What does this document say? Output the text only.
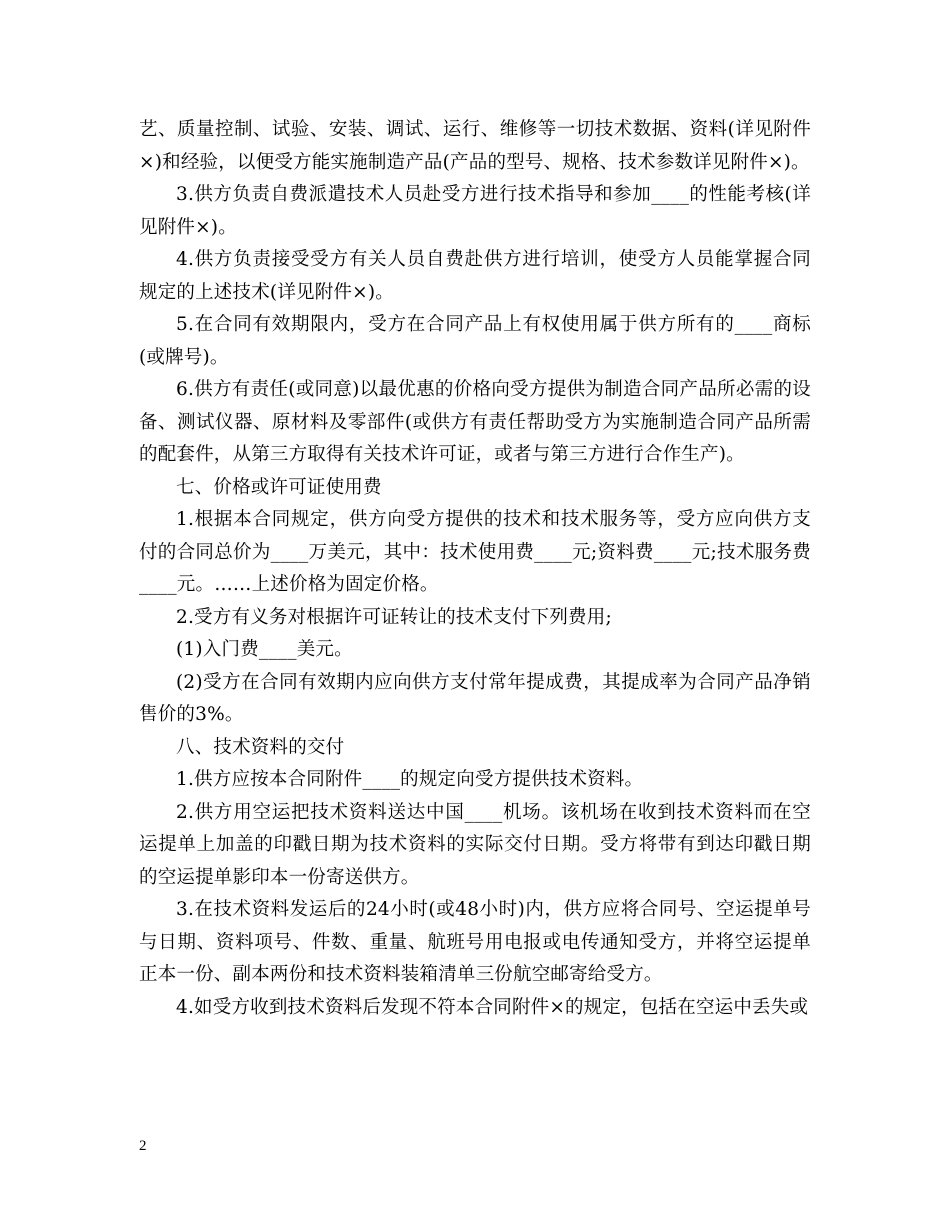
艺、质量控制、试验、安装、调试、运行、维修等一切技术数据、资料(详见附件×)和经验，以便受方能实施制造产品(产品的型号、规格、技术参数详见附件×)。

3.供方负责自费派遣技术人员赴受方进行技术指导和参加____的性能考核(详见附件×)。

4.供方负责接受受方有关人员自费赴供方进行培训，使受方人员能掌握合同规定的上述技术(详见附件×)。

5.在合同有效期限内，受方在合同产品上有权使用属于供方所有的____商标(或牌号)。

6.供方有责任(或同意)以最优惠的价格向受方提供为制造合同产品所必需的设备、测试仪器、原材料及零部件(或供方有责任帮助受方为实施制造合同产品所需的配套件，从第三方取得有关技术许可证，或者与第三方进行合作生产)。

七、价格或许可证使用费

1.根据本合同规定，供方向受方提供的技术和技术服务等，受方应向供方支付的合同总价为____万美元，其中：技术使用费____元;资料费____元;技术服务费____元。……上述价格为固定价格。

2.受方有义务对根据许可证转让的技术支付下列费用;

(1)入门费____美元。

(2)受方在合同有效期内应向供方支付常年提成费，其提成率为合同产品净销售价的3%。

八、技术资料的交付

1.供方应按本合同附件____的规定向受方提供技术资料。

2.供方用空运把技术资料送达中国____机场。该机场在收到技术资料而在空运提单上加盖的印戳日期为技术资料的实际交付日期。受方将带有到达印戳日期的空运提单影印本一份寄送供方。

3.在技术资料发运后的24小时(或48小时)内，供方应将合同号、空运提单号与日期、资料项号、件数、重量、航班号用电报或电传通知受方，并将空运提单正本一份、副本两份和技术资料装箱清单三份航空邮寄给受方。

4.如受方收到技术资料后发现不符本合同附件×的规定，包括在空运中丢失或

2
